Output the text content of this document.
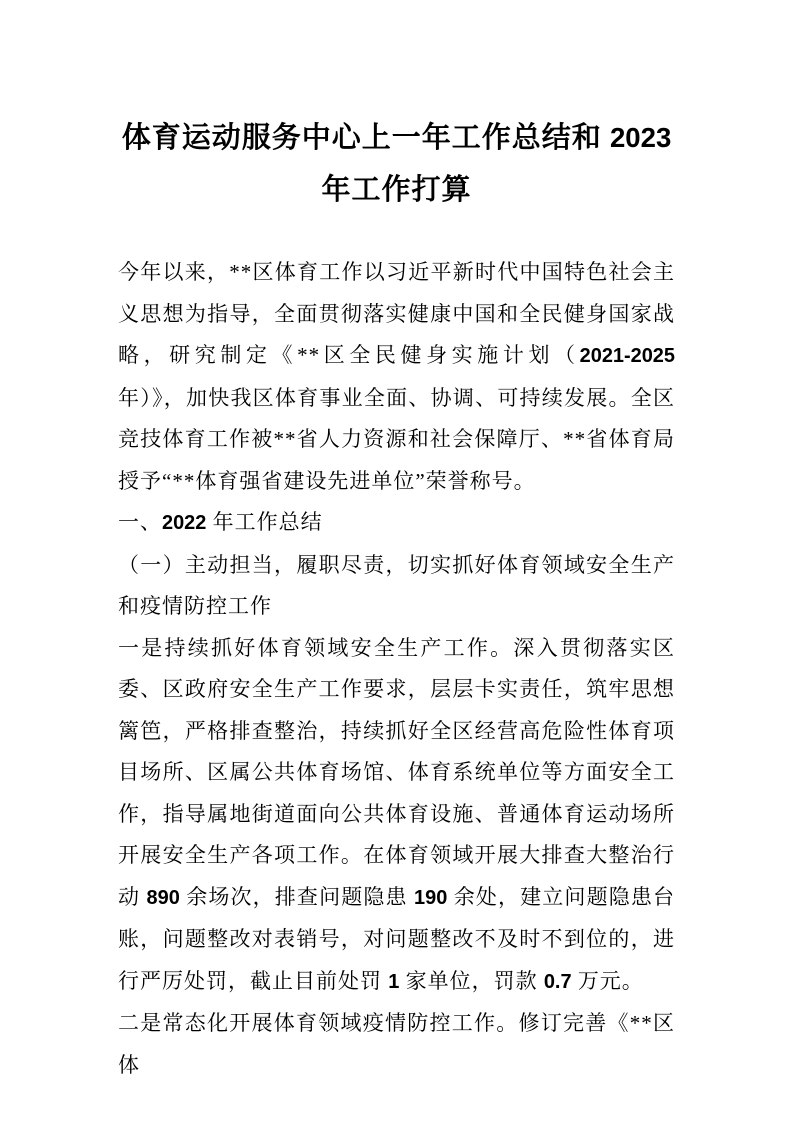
体育运动服务中心上一年工作总结和 2023 年工作打算

今年以来，**区体育工作以习近平新时代中国特色社会主义思想为指导，全面贯彻落实健康中国和全民健身国家战略，研究制定《**区全民健身实施计划（2021-2025 年）》，加快我区体育事业全面、协调、可持续发展。全区竞技体育工作被**省人力资源和社会保障厅、**省体育局授予“**体育强省建设先进单位”荣誉称号。

一、2022 年工作总结

（一）主动担当，履职尽责，切实抓好体育领域安全生产和疫情防控工作

一是持续抓好体育领域安全生产工作。深入贯彻落实区委、区政府安全生产工作要求，层层卡实责任，筑牢思想篱笆，严格排查整治，持续抓好全区经营高危险性体育项目场所、区属公共体育场馆、体育系统单位等方面安全工作，指导属地街道面向公共体育设施、普通体育运动场所开展安全生产各项工作。在体育领域开展大排查大整治行动 890 余场次，排查问题隐患 190 余处，建立问题隐患台账，问题整改对表销号，对问题整改不及时不到位的，进行严厉处罚，截止目前处罚 1 家单位，罚款 0.7 万元。

二是常态化开展体育领域疫情防控工作。修订完善《**区体
